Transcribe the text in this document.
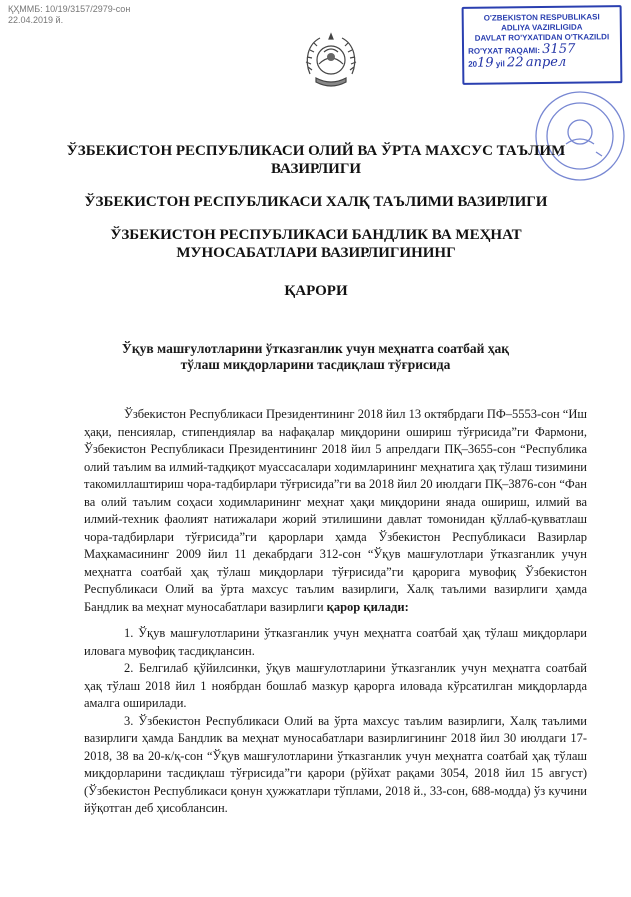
ҚҲММБ: 10/19/3157/2979-сон
22.04.2019 й.	O'ZBEKISTON RESPUBLIKASI
ADLIYA VAZIRLIGIDA
DAVLAT RO'YXATIDAN O'TKAZILDI
RO'YXAT RAQAMI: 3157
2019 yil 22 апрел
ЎЗБЕКИСТОН РЕСПУБЛИКАСИ ОЛИЙ ВА ЎРТА МАХСУС ТАЪЛИМ ВАЗИРЛИГИ
ЎЗБЕКИСТОН РЕСПУБЛИКАСИ ХАЛҚ ТАЪЛИМИ ВАЗИРЛИГИ
ЎЗБЕКИСТОН РЕСПУБЛИКАСИ БАНДЛИК ВА МЕҲНАТ МУНОСАБАТЛАРИ ВАЗИРЛИГИНИНГ
ҚАРОРИ
Ўқув машғулотларини ўтказганлик учун меҳнатга соатбай ҳақ
тўлаш миқдорларини тасдиқлаш тўғрисида

Ўзбекистон Республикаси Президентининг 2018 йил 13 октябрдаги ПФ–5553-сон “Иш ҳақи, пенсиялар, стипендиялар ва нафақалар миқдорини ошириш тўғрисида”ги Фармони, Ўзбекистон Республикаси Президентининг 2018 йил 5 апрелдаги ПҚ–3655-сон “Республика олий таълим ва илмий-тадқиқот муассасалари ходимларининг меҳнатига ҳақ тўлаш тизимини такомиллаштириш чора-тадбирлари тўғрисида”ги ва 2018 йил 20 июлдаги ПҚ–3876-сон “Фан ва олий таълим соҳаси ходимларининг меҳнат ҳақи миқдорини янада ошириш, илмий ва илмий-техник фаолият натижалари жорий этилишини давлат томонидан қўллаб-қувватлаш чора-тадбирлари тўғрисида”ги қарорлари ҳамда Ўзбекистон Республикаси Вазирлар Маҳкамасининг 2009 йил 11 декабрдаги 312-сон “Ўқув машғулотлари ўтказганлик учун меҳнатга соатбай ҳақ тўлаш миқдорлари тўғрисида”ги қарорига мувофиқ Ўзбекистон Республикаси Олий ва ўрта махсус таълим вазирлиги, Халқ таълими вазирлиги ҳамда Бандлик ва меҳнат муносабатлари вазирлиги қарор қилади:

1. Ўқув машғулотларини ўтказганлик учун меҳнатга соатбай ҳақ тўлаш миқдорлари иловага мувофиқ тасдиқлансин.

2. Белгилаб қўйилсинки, ўқув машғулотларини ўтказганлик учун меҳнатга соатбай ҳақ тўлаш 2018 йил 1 ноябрдан бошлаб мазкур қарорга иловада кўрсатилган миқдорларда амалга оширилади.

3. Ўзбекистон Республикаси Олий ва ўрта махсус таълим вазирлиги, Халқ таълими вазирлиги ҳамда Бандлик ва меҳнат муносабатлари вазирлигининг 2018 йил 30 июлдаги 17-2018, 38 ва 20-к/қ-сон “Ўқув машғулотларини ўтказганлик учун меҳнатга соатбай ҳақ тўлаш миқдорларини тасдиқлаш тўғрисида”ги қарори (рўйхат рақами 3054, 2018 йил 15 август) (Ўзбекистон Республикаси қонун ҳужжатлари тўплами, 2018 й., 33-сон, 688-модда) ўз кучини йўқотган деб ҳисоблансин.
